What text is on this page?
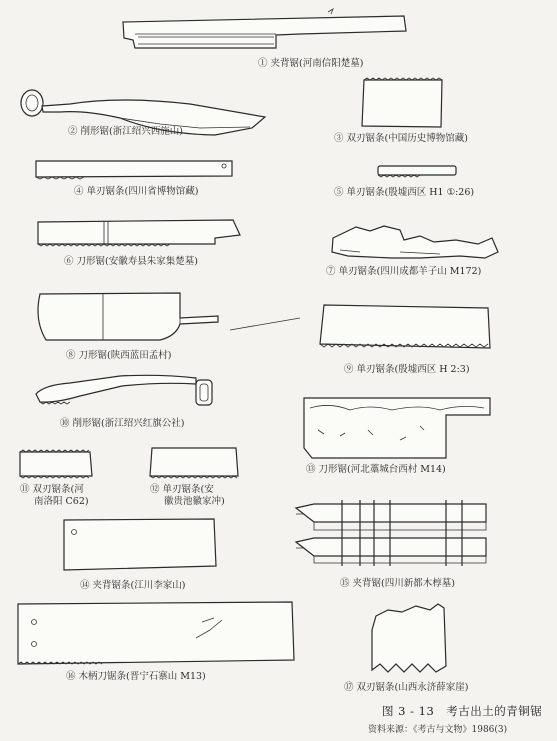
① 夹背锯(河南信阳楚墓)
② 削形锯(浙江绍兴西施山)
③ 双刃锯条(中国历史博物馆藏)
④ 单刃锯条(四川省博物馆藏)	⑤ 单刃锯条(殷墟西区 H1 ①:26)
⑥ 刀形锯(安徽寿县朱家集楚墓)
⑦ 单刃锯条(四川成都羊子山 M172)
⑧ 刀形锯(陕西蓝田孟村)
⑨ 单刃锯条(殷墟西区 H 2:3)
⑩ 削形锯(浙江绍兴红旗公社)
⑬ 刀形锯(河北藁城台西村 M14)
⑪ 双刃锯条(河
南洛阳 C62)
⑫ 单刃锯条(安
徽贵池徽家冲)
⑭ 夹背锯条(江川李家山)	⑮ 夹背锯(四川新都木椁墓)
⑯ 木柄刀锯条(晋宁石寨山 M13)
⑰ 双刃锯条(山西永济薛家崖)
图 3 - 13　考古出土的青铜锯
资料来源：《考古与文物》1986(3)
